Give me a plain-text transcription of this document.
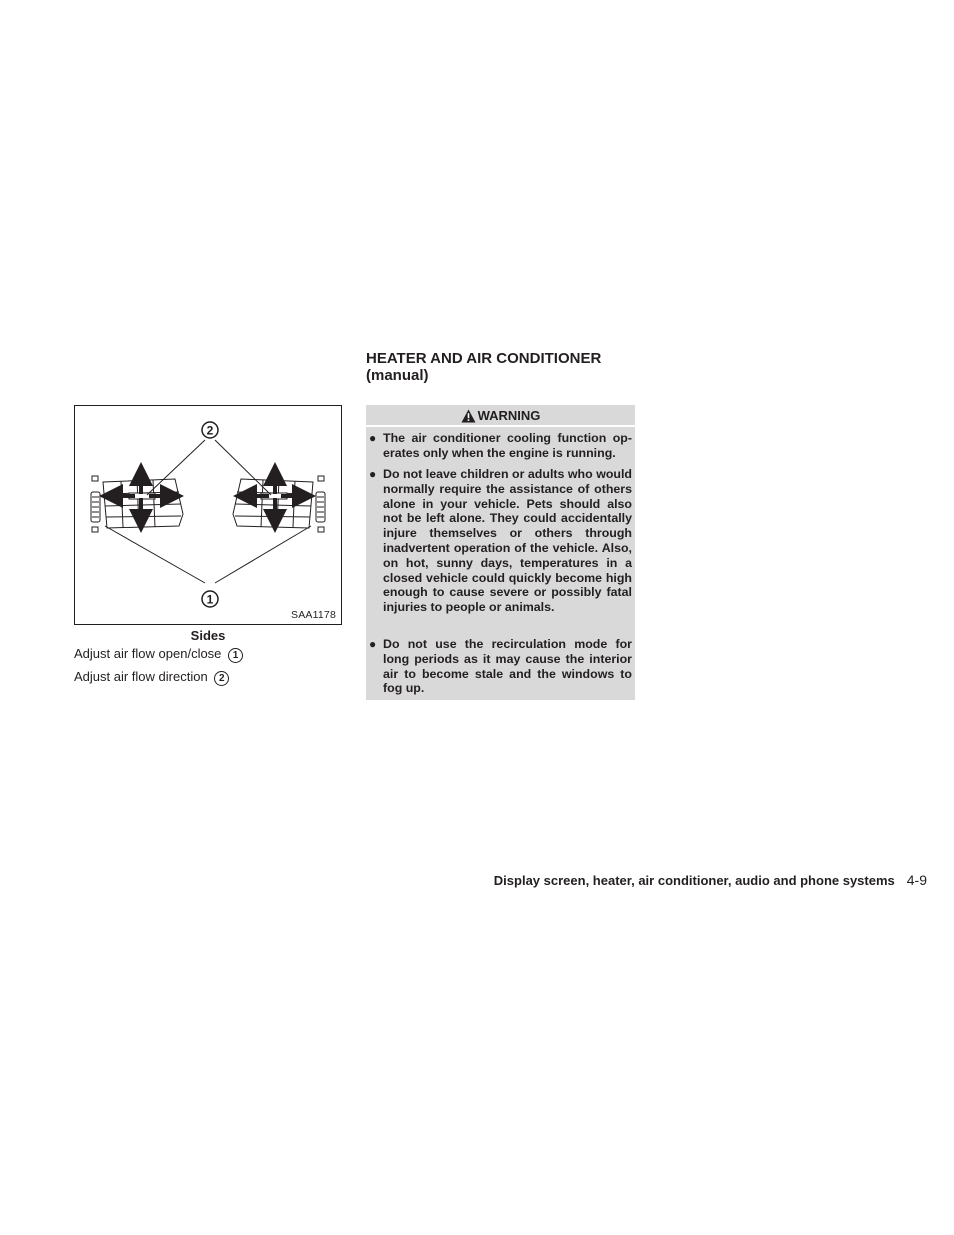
HEATER AND AIR CONDITIONER
(manual)
2
1
SAA1178
Sides
Adjust air flow open/close 1
Adjust air flow direction 2
WARNING
● The air conditioner cooling function op-erates only when the engine is running.
● Do not leave children or adults who would normally require the assistance of others alone in your vehicle. Pets should also not be left alone. They could accidentally injure themselves or others through inadvertent operation of the vehicle. Also, on hot, sunny days, temperatures in a closed vehicle could quickly become high enough to cause severe or possibly fatal injuries to people or animals.
● Do not use the recirculation mode for long periods as it may cause the interior air to become stale and the windows to fog up.
Display screen, heater, air conditioner, audio and phone systems 4-9
